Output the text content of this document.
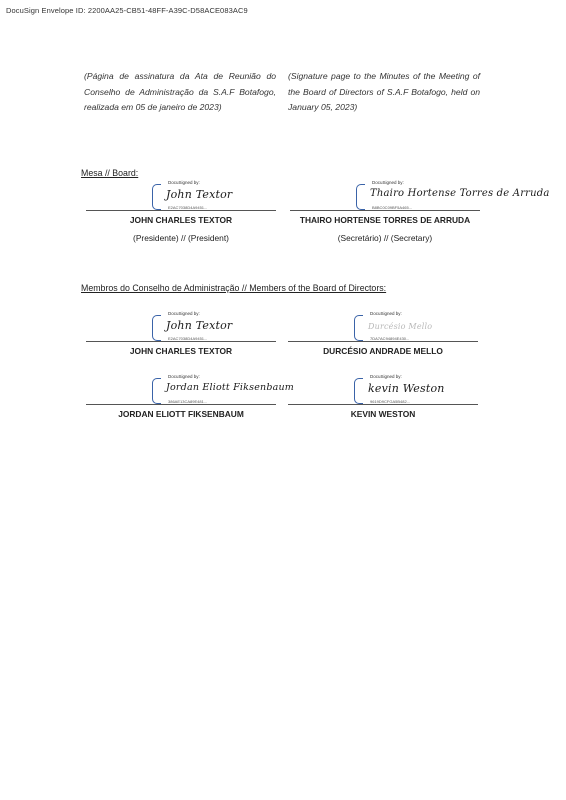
DocuSign Envelope ID: 2200AA25-CB51-48FF-A39C-D58ACE083AC9
(Página de assinatura da Ata de Reunião do Conselho de Administração da S.A.F Botafogo, realizada em 05 de janeiro de 2023)
(Signature page to the Minutes of the Meeting of the Board of Directors of S.A.F Botafogo, held on January 05, 2023)
Mesa // Board:
DocuSigned by:
John Textor
E2AC7038D4A9451...
JOHN CHARLES TEXTOR
(Presidente) // (President)
DocuSigned by:
Thairo Hortense Torres de Arruda
B8BC0C09BF5A465...
THAIRO HORTENSE TORRES DE ARRUDA
(Secretário) // (Secretary)
Membros do Conselho de Administração // Members of the Board of Directors:
DocuSigned by:
John Textor
E2AC7038D4A9451...
JOHN CHARLES TEXTOR
DocuSigned by:
Durcésio Mello
7DA7AC94894E430...
DURCÉSIO ANDRADE MELLO
DocuSigned by:
Jordan Eliott Fiksenbaum
386AE13CA89E481...
JORDAN ELIOTT FIKSENBAUM
DocuSigned by:
kevin Weston
9619D9CFGA5B482...
KEVIN WESTON
